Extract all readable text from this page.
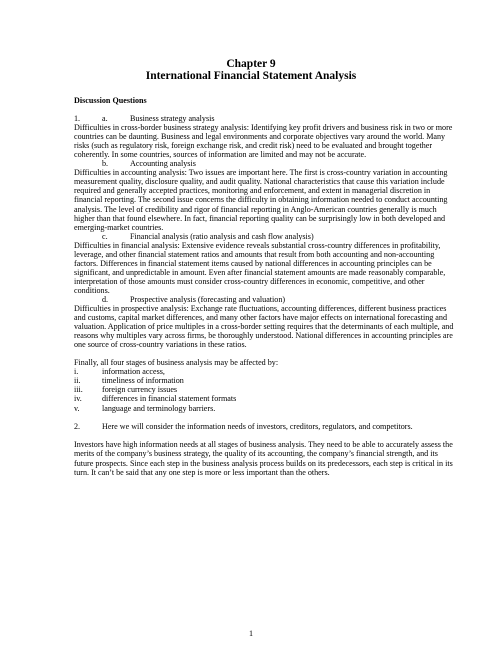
Chapter 9
International Financial Statement Analysis

Discussion Questions

1.	a.	Business strategy analysis

Difficulties in cross-border business strategy analysis: Identifying key profit drivers and business risk in two or more countries can be daunting. Business and legal environments and corporate objectives vary around the world. Many risks (such as regulatory risk, foreign exchange risk, and credit risk) need to be evaluated and brought together coherently. In some countries, sources of information are limited and may not be accurate.

b.	Accounting analysis

Difficulties in accounting analysis: Two issues are important here. The first is cross-country variation in accounting measurement quality, disclosure quality, and audit quality. National characteristics that cause this variation include required and generally accepted practices, monitoring and enforcement, and extent in managerial discretion in financial reporting. The second issue concerns the difficulty in obtaining information needed to conduct accounting analysis. The level of credibility and rigor of financial reporting in Anglo-American countries generally is much higher than that found elsewhere. In fact, financial reporting quality can be surprisingly low in both developed and emerging-market countries.

c.	Financial analysis (ratio analysis and cash flow analysis)

Difficulties in financial analysis: Extensive evidence reveals substantial cross-country differences in profitability, leverage, and other financial statement ratios and amounts that result from both accounting and non-accounting factors. Differences in financial statement items caused by national differences in accounting principles can be significant, and unpredictable in amount. Even after financial statement amounts are made reasonably comparable, interpretation of those amounts must consider cross-country differences in economic, competitive, and other conditions.

d.	Prospective analysis (forecasting and valuation)

Difficulties in prospective analysis: Exchange rate fluctuations, accounting differences, different business practices and customs, capital market differences, and many other factors have major effects on international forecasting and valuation. Application of price multiples in a cross-border setting requires that the determinants of each multiple, and reasons why multiples vary across firms, be thoroughly understood. National differences in accounting principles are one source of cross-country variations in these ratios.

Finally, all four stages of business analysis may be affected by:

i.	information access,
ii.	timeliness of information
iii.	foreign currency issues
iv.	differences in financial statement formats
v.	language and terminology barriers.
2.	Here we will consider the information needs of investors, creditors, regulators, and competitors.

Investors have high information needs at all stages of business analysis. They need to be able to accurately assess the merits of the company’s business strategy, the quality of its accounting, the company’s financial strength, and its future prospects. Since each step in the business analysis process builds on its predecessors, each step is critical in its turn. It can’t be said that any one step is more or less important than the others.

1
